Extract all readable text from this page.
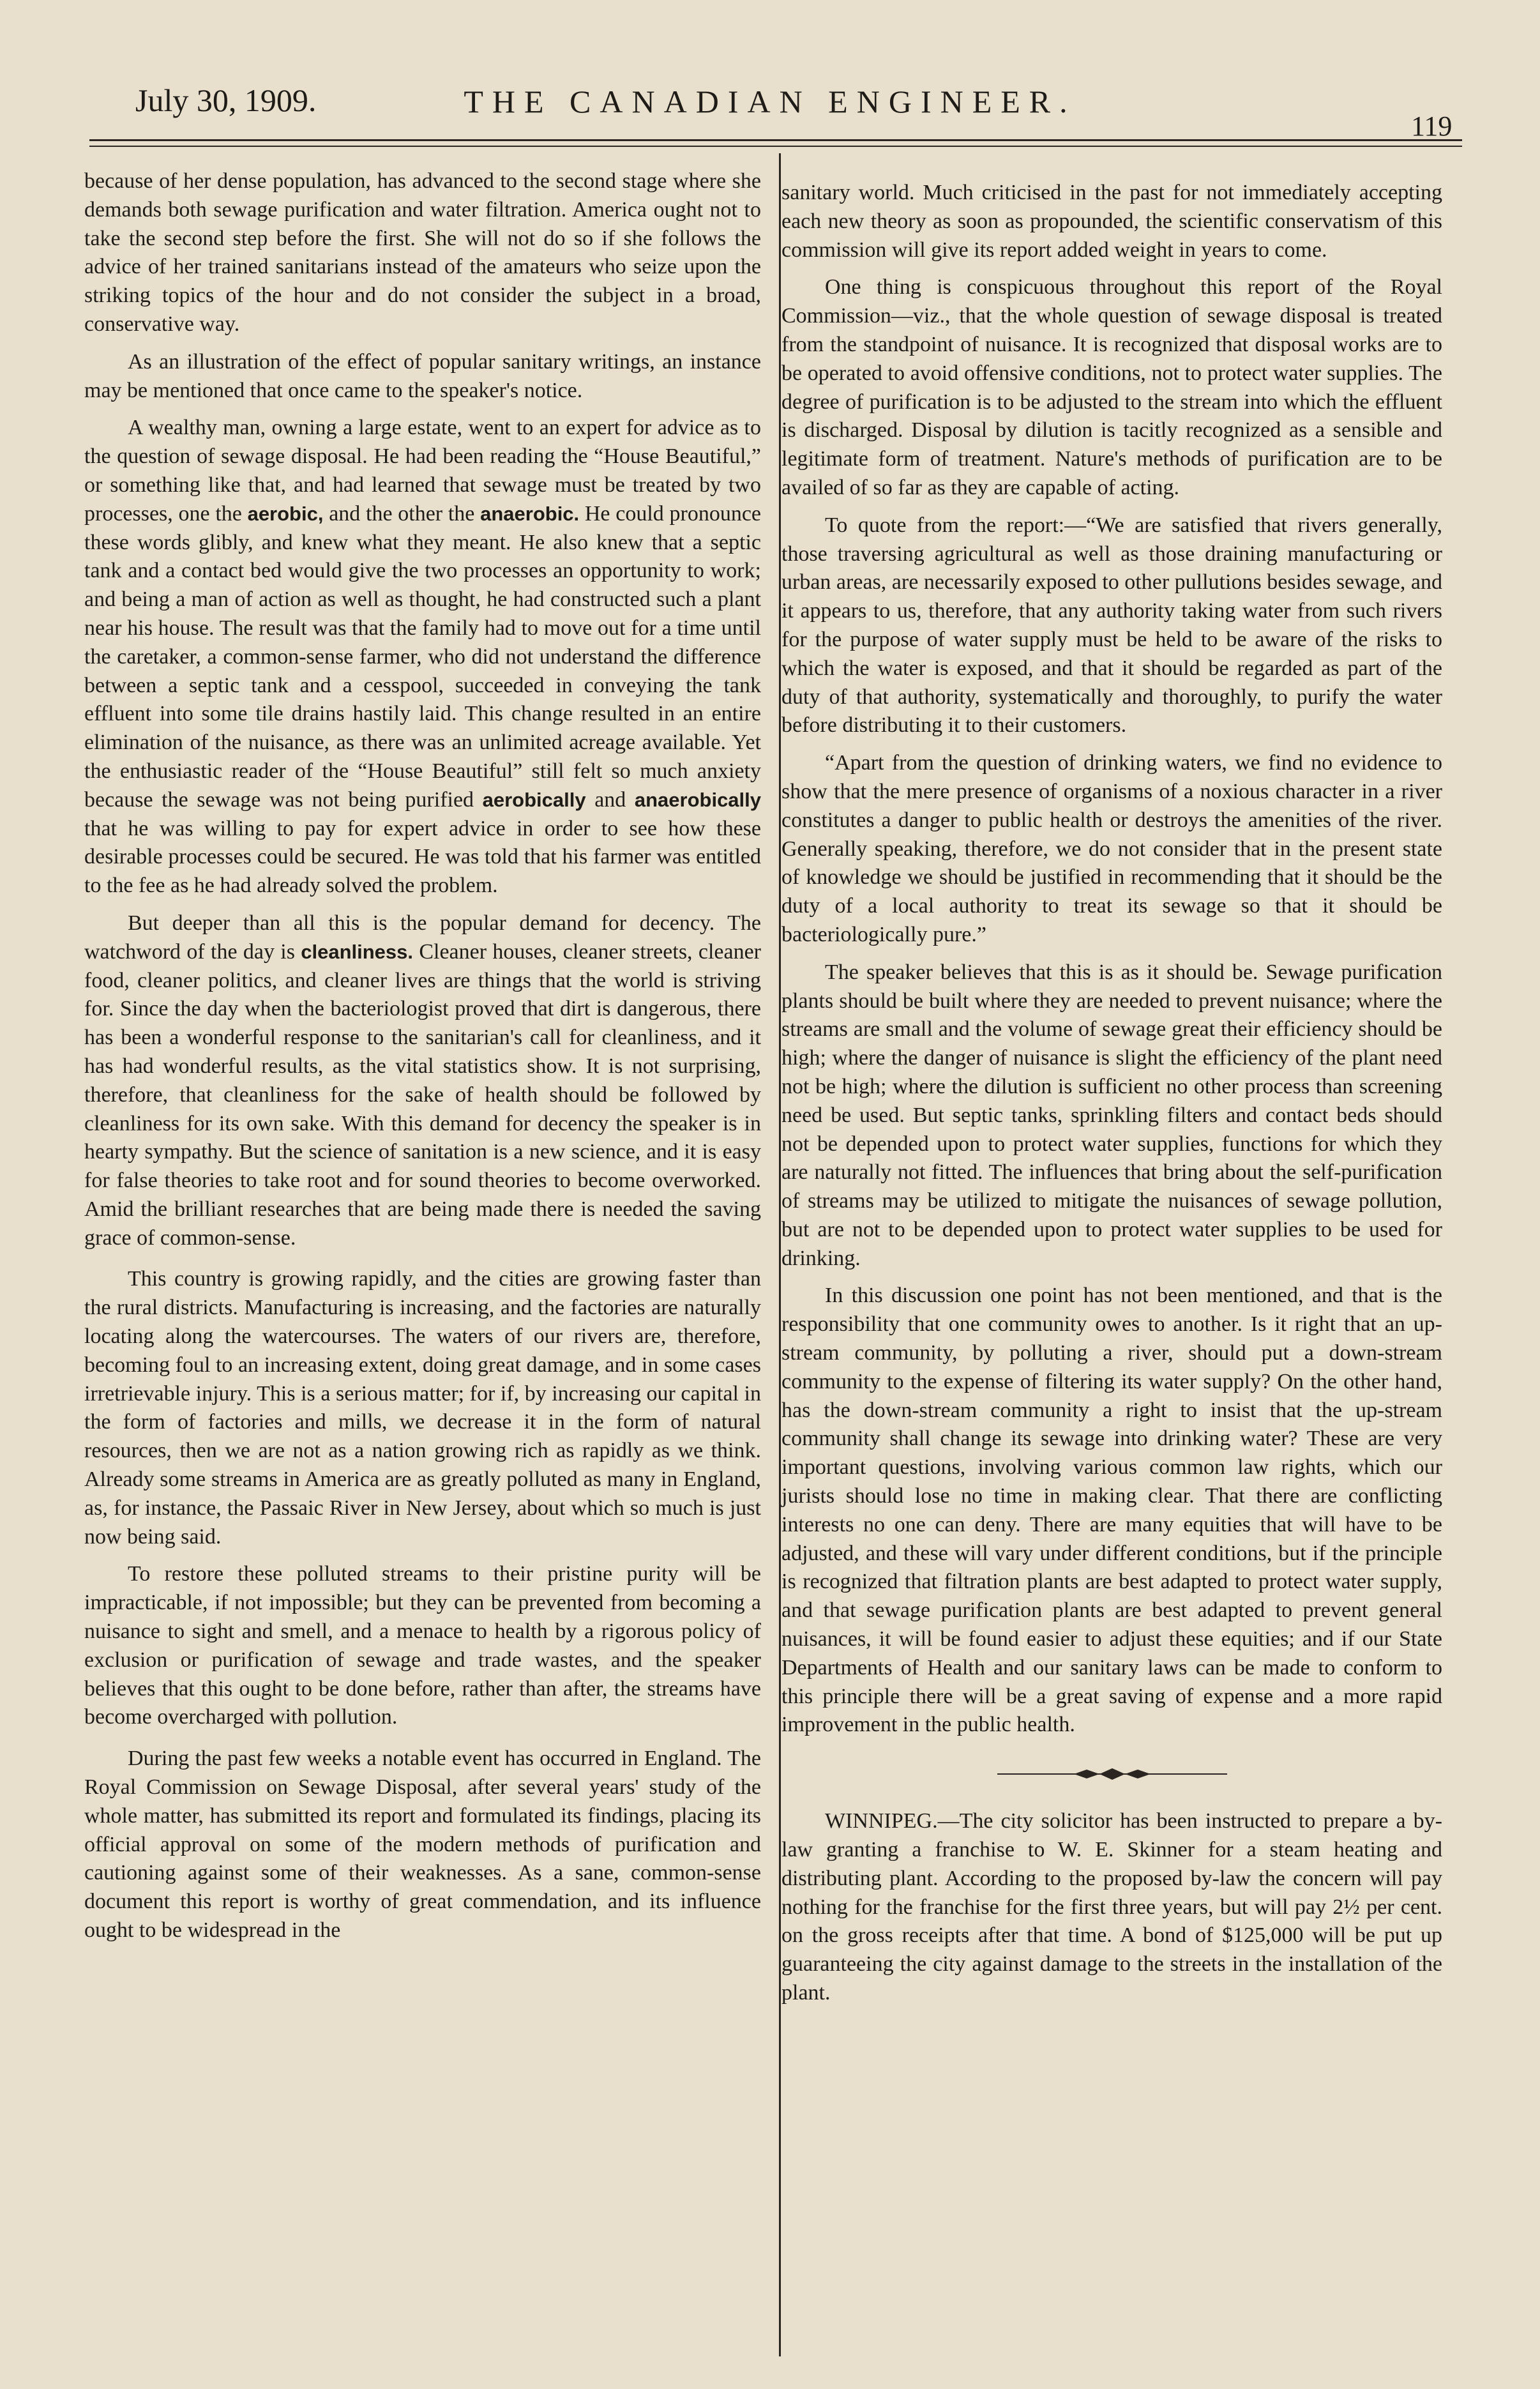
July 30, 1909.	THE CANADIAN ENGINEER.
119

because of her dense population, has advanced to the second stage where she demands both sewage purification and water filtration. America ought not to take the second step before the first. She will not do so if she follows the advice of her trained sanitarians instead of the amateurs who seize upon the striking topics of the hour and do not consider the subject in a broad, conservative way.

As an illustration of the effect of popular sanitary writings, an instance may be mentioned that once came to the speaker's notice.

A wealthy man, owning a large estate, went to an expert for advice as to the question of sewage disposal. He had been reading the “House Beautiful,” or something like that, and had learned that sewage must be treated by two processes, one the aerobic, and the other the anaerobic. He could pronounce these words glibly, and knew what they meant. He also knew that a septic tank and a contact bed would give the two processes an opportunity to work; and being a man of action as well as thought, he had constructed such a plant near his house. The result was that the family had to move out for a time until the caretaker, a common-sense farmer, who did not understand the difference between a septic tank and a cesspool, succeeded in conveying the tank effluent into some tile drains hastily laid. This change resulted in an entire elimination of the nuisance, as there was an unlimited acreage available. Yet the enthusiastic reader of the “House Beautiful” still felt so much anxiety because the sewage was not being purified aerobically and anaerobically that he was willing to pay for expert advice in order to see how these desirable processes could be secured. He was told that his farmer was entitled to the fee as he had already solved the problem.

But deeper than all this is the popular demand for decency. The watchword of the day is cleanliness. Cleaner houses, cleaner streets, cleaner food, cleaner politics, and cleaner lives are things that the world is striving for. Since the day when the bacteriologist proved that dirt is dangerous, there has been a wonderful response to the sanitarian's call for cleanliness, and it has had wonderful results, as the vital statistics show. It is not surprising, therefore, that cleanliness for the sake of health should be followed by cleanliness for its own sake. With this demand for decency the speaker is in hearty sympathy. But the science of sanitation is a new science, and it is easy for false theories to take root and for sound theories to become overworked. Amid the brilliant researches that are being made there is needed the saving grace of common-sense.

This country is growing rapidly, and the cities are growing faster than the rural districts. Manufacturing is increasing, and the factories are naturally locating along the watercourses. The waters of our rivers are, therefore, becoming foul to an increasing extent, doing great damage, and in some cases irretrievable injury. This is a serious matter; for if, by increasing our capital in the form of factories and mills, we decrease it in the form of natural resources, then we are not as a nation growing rich as rapidly as we think. Already some streams in America are as greatly polluted as many in England, as, for instance, the Passaic River in New Jersey, about which so much is just now being said.

To restore these polluted streams to their pristine purity will be impracticable, if not impossible; but they can be prevented from becoming a nuisance to sight and smell, and a menace to health by a rigorous policy of exclusion or purification of sewage and trade wastes, and the speaker believes that this ought to be done before, rather than after, the streams have become overcharged with pollution.

During the past few weeks a notable event has occurred in England. The Royal Commission on Sewage Disposal, after several years' study of the whole matter, has submitted its report and formulated its findings, placing its official approval on some of the modern methods of purification and cautioning against some of their weaknesses. As a sane, common-sense document this report is worthy of great commendation, and its influence ought to be widespread in the

sanitary world. Much criticised in the past for not immediately accepting each new theory as soon as propounded, the scientific conservatism of this commission will give its report added weight in years to come.

One thing is conspicuous throughout this report of the Royal Commission—viz., that the whole question of sewage disposal is treated from the standpoint of nuisance. It is recognized that disposal works are to be operated to avoid offensive conditions, not to protect water supplies. The degree of purification is to be adjusted to the stream into which the effluent is discharged. Disposal by dilution is tacitly recognized as a sensible and legitimate form of treatment. Nature's methods of purification are to be availed of so far as they are capable of acting.

To quote from the report:—“We are satisfied that rivers generally, those traversing agricultural as well as those draining manufacturing or urban areas, are necessarily exposed to other pullutions besides sewage, and it appears to us, therefore, that any authority taking water from such rivers for the purpose of water supply must be held to be aware of the risks to which the water is exposed, and that it should be regarded as part of the duty of that authority, systematically and thoroughly, to purify the water before distributing it to their customers.

“Apart from the question of drinking waters, we find no evidence to show that the mere presence of organisms of a noxious character in a river constitutes a danger to public health or destroys the amenities of the river. Generally speaking, therefore, we do not consider that in the present state of knowledge we should be justified in recommending that it should be the duty of a local authority to treat its sewage so that it should be bacteriologically pure.”

The speaker believes that this is as it should be. Sewage purification plants should be built where they are needed to prevent nuisance; where the streams are small and the volume of sewage great their efficiency should be high; where the danger of nuisance is slight the efficiency of the plant need not be high; where the dilution is sufficient no other process than screening need be used. But septic tanks, sprinkling filters and contact beds should not be depended upon to protect water supplies, functions for which they are naturally not fitted. The influences that bring about the self-purification of streams may be utilized to mitigate the nuisances of sewage pollution, but are not to be depended upon to protect water supplies to be used for drinking.

In this discussion one point has not been mentioned, and that is the responsibility that one community owes to another. Is it right that an up-stream community, by polluting a river, should put a down-stream community to the expense of filtering its water supply? On the other hand, has the down-stream community a right to insist that the up-stream community shall change its sewage into drinking water? These are very important questions, involving various common law rights, which our jurists should lose no time in making clear. That there are conflicting interests no one can deny. There are many equities that will have to be adjusted, and these will vary under different conditions, but if the principle is recognized that filtration plants are best adapted to protect water supply, and that sewage purification plants are best adapted to prevent general nuisances, it will be found easier to adjust these equities; and if our State Departments of Health and our sanitary laws can be made to conform to this principle there will be a great saving of expense and a more rapid improvement in the public health.

WINNIPEG.—The city solicitor has been instructed to prepare a by-law granting a franchise to W. E. Skinner for a steam heating and distributing plant. According to the proposed by-law the concern will pay nothing for the franchise for the first three years, but will pay 2½ per cent. on the gross receipts after that time. A bond of $125,000 will be put up guaranteeing the city against damage to the streets in the installation of the plant.
